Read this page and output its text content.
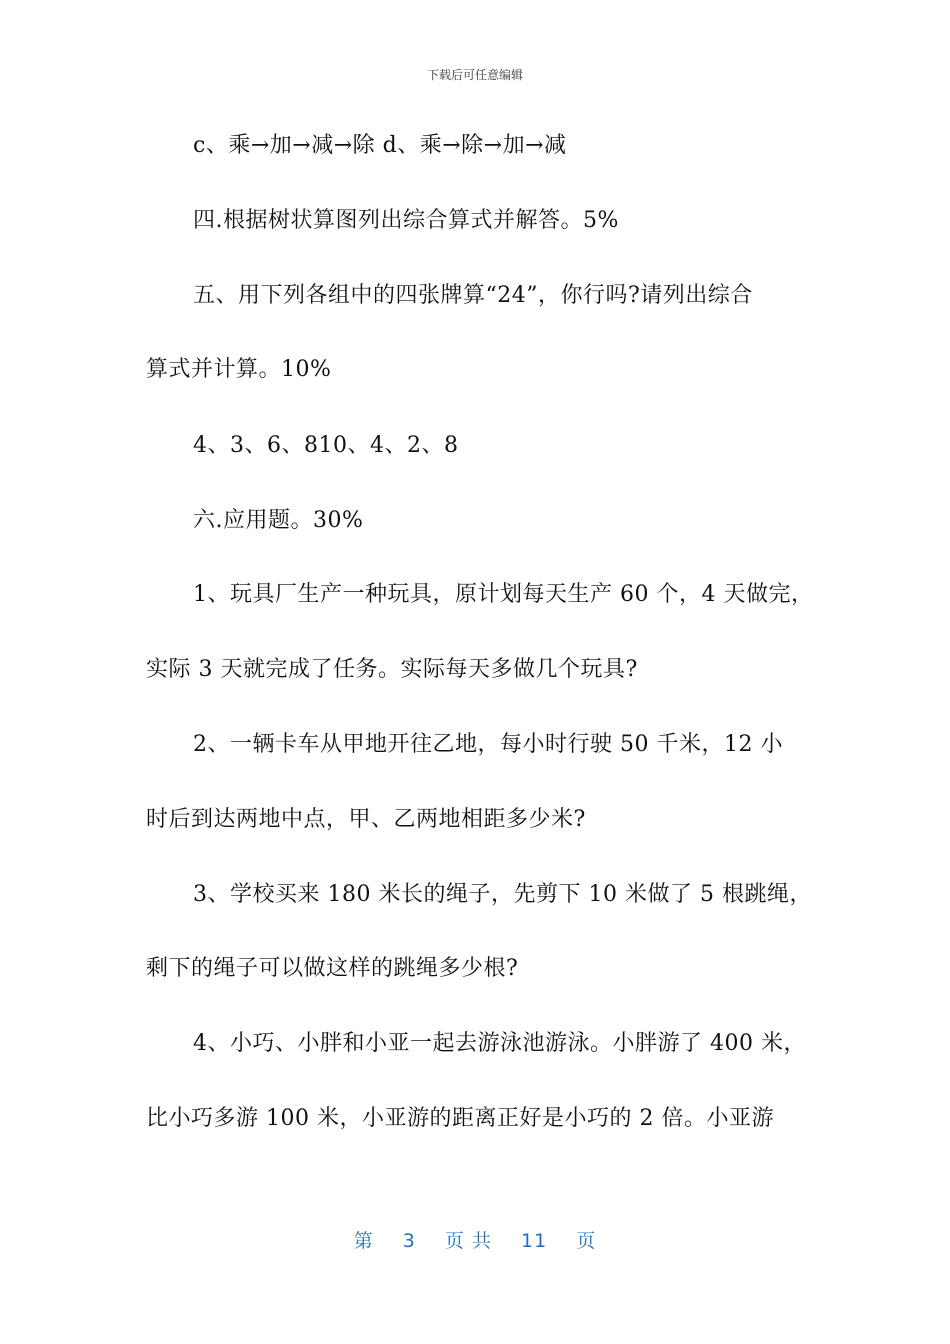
下载后可任意编辑
c、乘→加→减→除 d、乘→除→加→减
四.根据树状算图列出综合算式并解答。5%
五、用下列各组中的四张牌算“24”，你行吗?请列出综合
算式并计算。10%
4、3、6、810、4、2、8
六.应用题。30%
1、玩具厂生产一种玩具，原计划每天生产 60 个，4 天做完，
实际 3 天就完成了任务。实际每天多做几个玩具?
2、一辆卡车从甲地开往乙地，每小时行驶 50 千米，12 小
时后到达两地中点，甲、乙两地相距多少米?
3、学校买来 180 米长的绳子，先剪下 10 米做了 5 根跳绳，
剩下的绳子可以做这样的跳绳多少根?
4、小巧、小胖和小亚一起去游泳池游泳。小胖游了 400 米，
比小巧多游 100 米，小亚游的距离正好是小巧的 2 倍。小亚游
第 3 页 共 11 页
